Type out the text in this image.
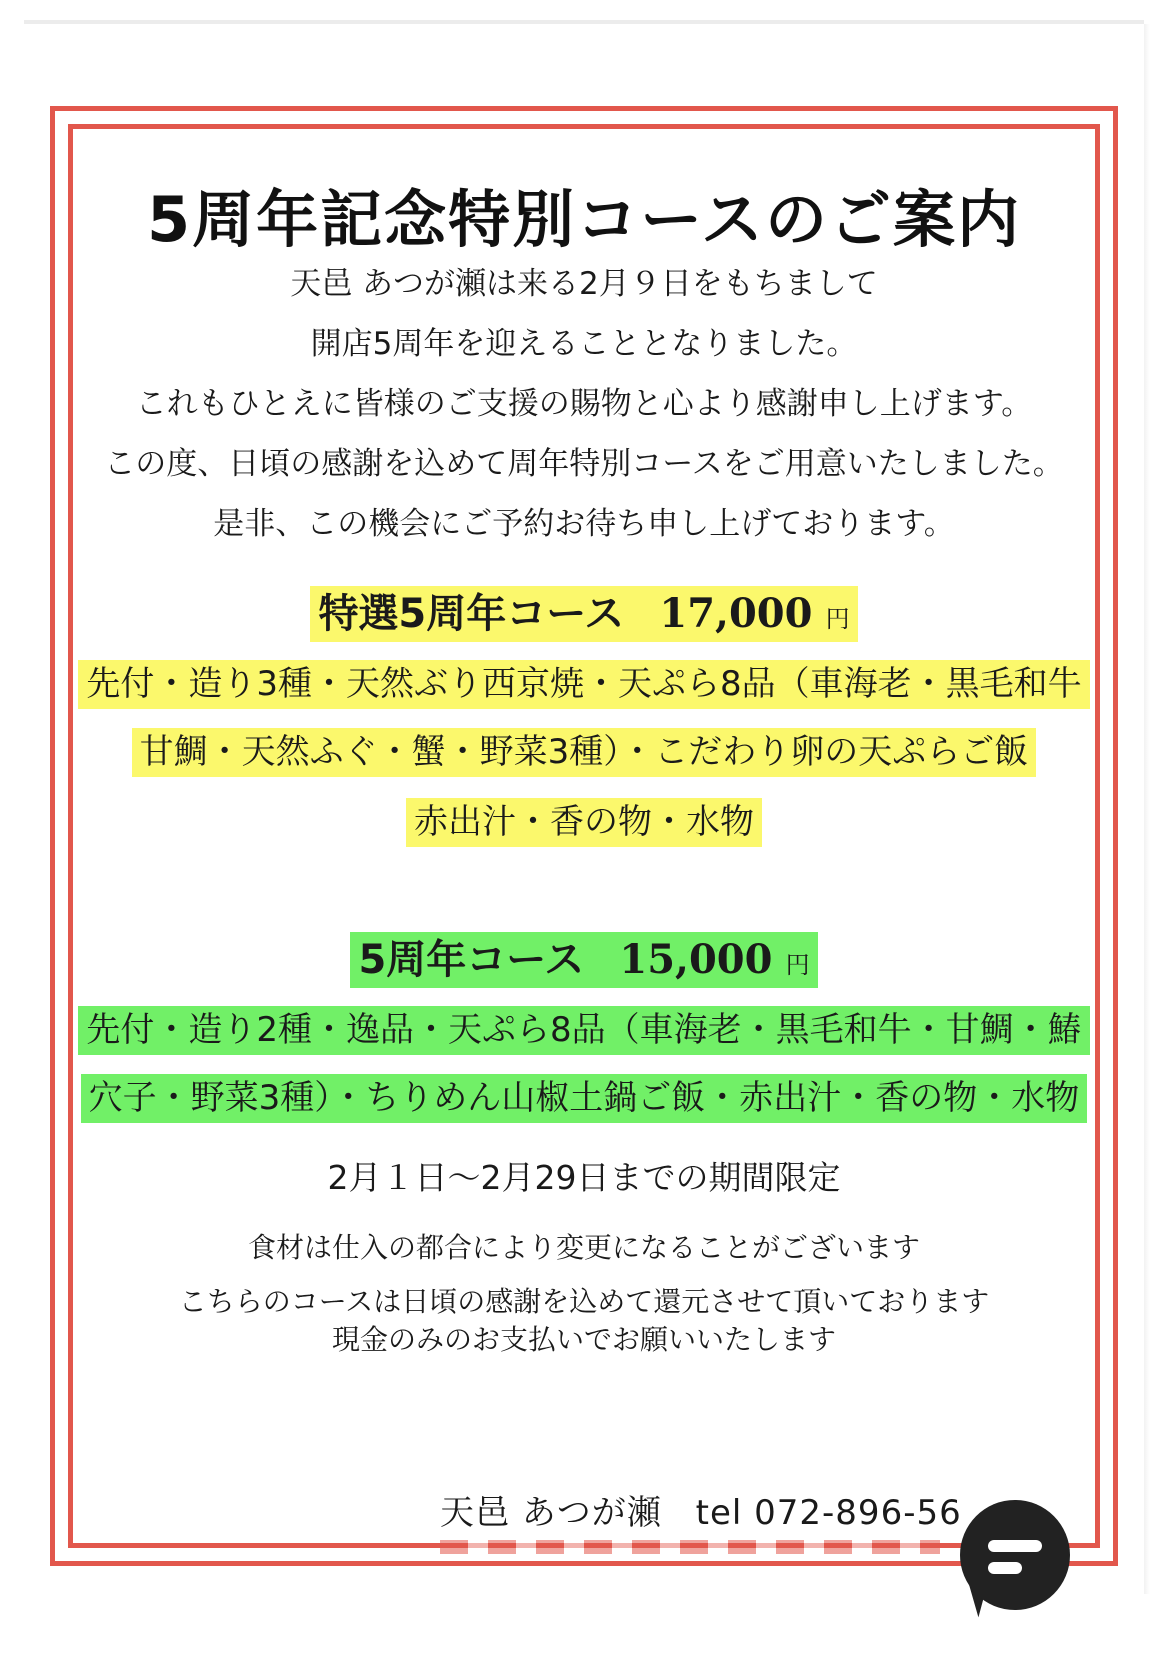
5周年記念特別コースのご案内
天邑 あつが瀬は来る2月９日をもちまして
開店5周年を迎えることとなりました。
これもひとえに皆様のご支援の賜物と心より感謝申し上げます。
この度、日頃の感謝を込めて周年特別コースをご用意いたしました。
是非、この機会にご予約お待ち申し上げております。
特選5周年コース 17,000 円
先付・造り3種・天然ぶり西京焼・天ぷら8品（車海老・黒毛和牛
甘鯛・天然ふぐ・蟹・野菜3種）・こだわり卵の天ぷらご飯
赤出汁・香の物・水物
5周年コース 15,000 円
先付・造り2種・逸品・天ぷら8品（車海老・黒毛和牛・甘鯛・鰆
穴子・野菜3種）・ちりめん山椒土鍋ご飯・赤出汁・香の物・水物
2月１日～2月29日までの期間限定
食材は仕入の都合により変更になることがございます
こちらのコースは日頃の感謝を込めて還元させて頂いております
現金のみのお支払いでお願いいたします
天邑 あつが瀬 tel 072-896-56
